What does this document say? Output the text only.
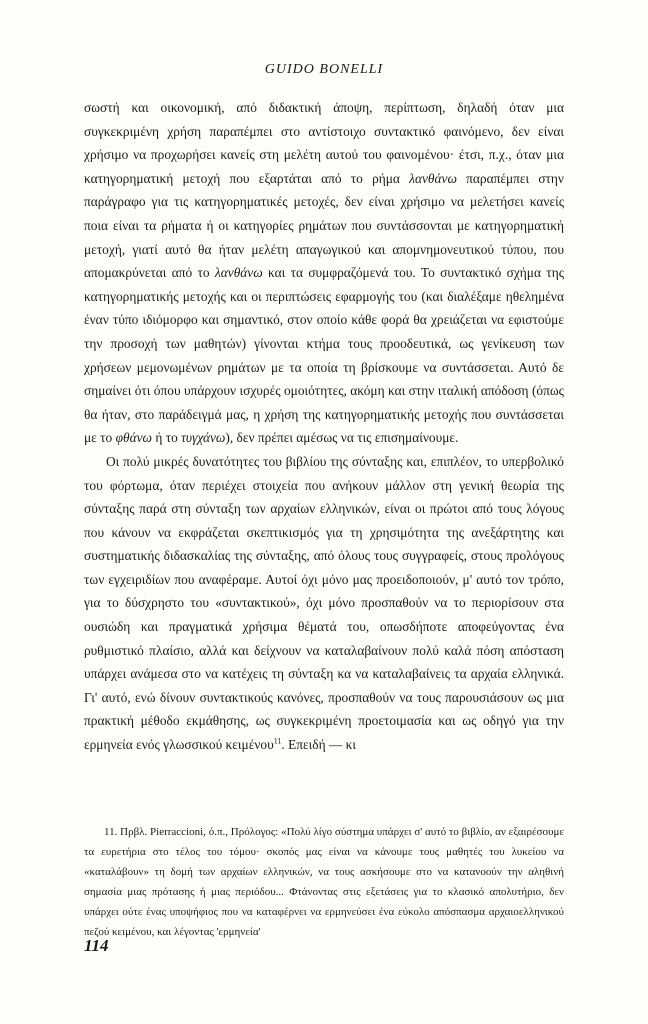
GUIDO BONELLI

σωστή και οικονομική, από διδακτική άποψη, περίπτωση, δηλαδή όταν μια συγκεκριμένη χρήση παραπέμπει στο αντίστοιχο συντακτικό φαινόμενο, δεν είναι χρήσιμο να προχωρήσει κανείς στη μελέτη αυτού του φαινομένου· έτσι, π.χ., όταν μια κατηγορηματική μετοχή που εξαρτάται από το ρήμα λανθάνω παραπέμπει στην παράγραφο για τις κατηγορηματικές μετοχές, δεν είναι χρήσιμο να μελετήσει κανείς ποια είναι τα ρήματα ή οι κατηγορίες ρημάτων που συντάσσονται με κατηγορηματική μετοχή, γιατί αυτό θα ήταν μελέτη απαγωγικού και απομνημονευτικού τύπου, που απομακρύνεται από το λανθάνω και τα συμφραζόμενά του. Το συντακτικό σχήμα της κατηγορηματικής μετοχής και οι περιπτώσεις εφαρμογής του (και διαλέξαμε ηθελημένα έναν τύπο ιδιόμορφο και σημαντικό, στον οποίο κάθε φορά θα χρειάζεται να εφιστούμε την προσοχή των μαθητών) γίνονται κτήμα τους προοδευτικά, ως γενίκευση των χρήσεων μεμονωμένων ρημάτων με τα οποία τη βρίσκουμε να συντάσσεται. Αυτό δε σημαίνει ότι όπου υπάρχουν ισχυρές ομοιότητες, ακόμη και στην ιταλική απόδοση (όπως θα ήταν, στο παράδειγμά μας, η χρήση της κατηγορηματικής μετοχής που συντάσσεται με το φθάνω ή το τυγχάνω), δεν πρέπει αμέσως να τις επισημαίνουμε.

Οι πολύ μικρές δυνατότητες του βιβλίου της σύνταξης και, επιπλέον, το υπερβολικό του φόρτωμα, όταν περιέχει στοιχεία που ανήκουν μάλλον στη γενική θεωρία της σύνταξης παρά στη σύνταξη των αρχαίων ελληνικών, είναι οι πρώτοι από τους λόγους που κάνουν να εκφράζεται σκεπτικισμός για τη χρησιμότητα της ανεξάρτητης και συστηματικής διδασκαλίας της σύνταξης, από όλους τους συγγραφείς, στους προλόγους των εγχειριδίων που αναφέραμε. Αυτοί όχι μόνο μας προειδοποιούν, μ' αυτό τον τρόπο, για το δύσχρηστο του «συντακτικού», όχι μόνο προσπαθούν να το περιορίσουν στα ουσιώδη και πραγματικά χρήσιμα θέματά του, οπωσδήποτε αποφεύγοντας ένα ρυθμιστικό πλαίσιο, αλλά και δείχνουν να καταλαβαίνουν πολύ καλά πόση απόσταση υπάρχει ανάμεσα στο να κατέχεις τη σύνταξη κα να καταλαβαίνεις τα αρχαία ελληνικά. Γι' αυτό, ενώ δίνουν συντακτικούς κανόνες, προσπαθούν να τους παρουσιάσουν ως μια πρακτική μέθοδο εκμάθησης, ως συγκεκριμένη προετοιμασία και ως οδηγό για την ερμηνεία ενός γλωσσικού κειμένου$^{11}$. Επειδή — κι

11. Πρβλ. Pierraccioni, ό.π., Πρόλογος: «Πολύ λίγο σύστημα υπάρχει σ' αυτό το βιβλίο, αν εξαιρέσουμε τα ευρετήρια στο τέλος του τόμου· σκοπός μας είναι να κάνουμε τους μαθητές του λυκείου να «καταλάβουν» τη δομή των αρχαίων ελληνικών, να τους ασκήσουμε στο να κατανοούν την αληθινή σημασία μιας πρότασης ή μιας περιόδου... Φτάνοντας στις εξετάσεις για το κλασικό απολυτήριο, δεν υπάρχει ούτε ένας υποψήφιος που να καταφέρνει να ερμηνεύσει ένα εύκολο απόσπασμα αρχαιοελληνικού πεζού κειμένου, και λέγοντας 'ερμηνεία'

114
